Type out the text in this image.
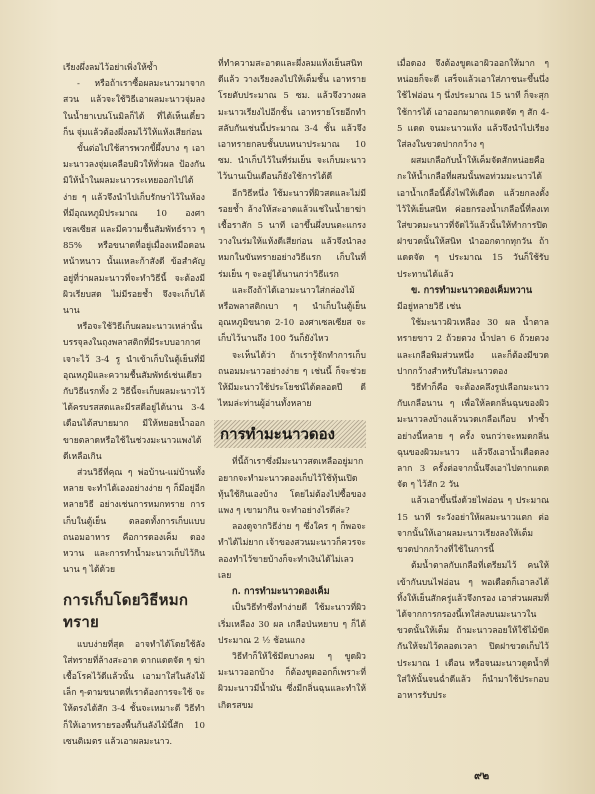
เรียงผึ่งลมไว้อย่าเพิ่งให้ซ้ำ

- หรือถ้าเราซื้อผลมะนาวมาจากสวน แล้วจะใช้วิธีเอาผลมะนาวจุ่มลงในน้ำยาเบนโนมิลก็ได้ ที่ได้เห็นเดี๋ยวก็น จุ่มแล้วต้องผึ่งลมไว้ให้แห้งเสียก่อน

ขั้นต่อไปใช้สารพวกขี้ผึ้งบาง ๆ เอามะนาวลงจุ่มเคลือบผิวให้ทั่วผล ป้องกันมิให้น้ำในผลมะนาวระเหยออกไปได้ง่าย ๆ แล้วจึงนำไปเก็บรักษาไว้ในห้องที่มีอุณหภูมิประมาณ 10 องศาเซลเซียส และมีความชื้นสัมพัทธ์ราว ๆ 85% หรือขนาดที่อยู่เมื่องเหมือดอนหน้าหนาว นั้นแหละก้าสังดี ข้อสำคัญอยู่ที่ว่าผลมะนาวที่จะทำวิธีนี้ จะต้องมีผิวเรียบสด ไม่มีรอยช้ำ จึงจะเก็บได้นาน

หรือจะใช้วิธีเก็บผลมะนาวเหล่านั้นบรรจุลงในถุงพลาสติกที่มีระบบอากาศเจาะไว้ 3-4 รู นำเข้าเก็บในตู้เย็นที่มีอุณหภูมิและความชื้นสัมพัทธ์เช่นเดียวกับวิธีแรกทั้ง 2 วิธีนี้จะเก็บผลมะนาวไว้ได้ครบรสสดและมีรสดีอยู่ได้นาน 3-4 เดือนได้สบายมาก มีให้หยอยน้ำออกขายตลาดหรือใช้ในช่วงมะนาวแพงได้ดีเหลือเกิน

ส่วนวิธีที่คุณ ๆ พ่อบ้าน-แม่บ้านทั้งหลาย จะทำได้เองอย่างง่าย ๆ ก็มีอยู่อีกหลายวิธี อย่างเช่นการหมกทราย การเก็บในตู้เย็น ตลอดทั้งการเก็บแบบถนอมอาหาร คือการดองเค็ม ดองหวาน และการทำน้ำมะนาวเก็บไว้กินนาน ๆ ได้ด้วย

การเก็บโดยวิธีหมกทราย

แบบง่ายที่สุด อาจทำได้โดยใช้ลังใส่ทรายที่ล้างสะอาด ตากแดดจัด ๆ ฆ่าเชื้อโรคไว้ดีแล้วนั้น เอามาใส่ในลังไม้เล็ก ๆ-ตามขนาดที่เราต้องการจะใช้ จะให้ตรงได้สัก 3-4 ชั้นจะเหมาะดี วิธีทำก็ให้เอาทรายรองพื้นก้นลังไม้นี้สัก 10 เซนติเมตร แล้วเอาผลมะนาว.

ที่ทำความสะอาดและผึ่งลมแห้งเย็นสนิทดีแล้ว วางเรียงลงไปให้เต็มชั้น เอาทรายโรยตับประมาณ 5 ซม. แล้วจึงวางผลมะนาวเรียงไปอีกชั้น เอาทรายโรยอีกทำสลับกันเช่นนี้ประมาณ 3-4 ชั้น แล้วจึงเอาทรายกลบชั้นบนหนาประมาณ 10 ซม. นำเก็บไว้ในที่ร่มเย็น จะเก็บมะนาวไว้นานเป็นเดือนก็ยังใช้การได้ดี

อีกวิธีหนึ่ง ใช้มะนาวที่ผิวสดและไม่มีรอยช้ำ ล้างให้สะอาดแล้วแช่ในน้ำยาฆ่าเชื้อราสัก 5 นาที เอาขึ้นผึ่งบนตะแกรง วางในร่มให้แห้งดีเสียก่อน แล้วจึงนำลงหมกในขันทรายอย่างวิธีแรก เก็บในที่ร่มเย็น ๆ จะอยู่ได้นานกว่าวิธีแรก

และถึงถ้าได้เอามะนาวใส่กล่องไม้หรือพลาสติกเบา ๆ นำเก็บในตู้เย็น อุณหภูมิขนาด 2-10 องศาเซลเซียส จะเก็บไว้นานถึง 100 วันก็ยังไหว

จะเห็นได้ว่า ถ้าเรารู้จักทำการเก็บถนอมมะนาวอย่างง่าย ๆ เช่นนี้ ก็จะช่วยให้มีมะนาวใช้ประโยชน์ได้ตลอดปี ดีไหมล่ะท่านผู้อ่านทั้งหลาย

การทำมะนาวดอง

ที่นี้ถ้าเราซึ่งมีมะนาวสดเหลืออยู่มาก อยากจะทำมะนาวดองเก็บไว้ใช้ทุ้นเปิดทุ้นใช้กินเองบ้าง โดยไม่ต้องไปซื้อของแพง ๆ เขามากิน จะทำอย่างไรดีล่ะ?

ลองดูจากวิธีง่าย ๆ ซึ่งใคร ๆ ก็พอจะทำได้ไม่ยาก เจ้าของสวนมะนาวก็ควรจะลองทำไว้ขายบ้างก็จะทำเงินได้ไม่เลวเลย

ก. การทำมะนาวดองเค็ม

เป็นวิธีทำซึ่งทำง่ายดี ใช้มะนาวที่ผิวเริ่มเหลือง 30 ผล เกลือป่นหยาบ ๆ ก็ได้ประมาณ 2 ½ ช้อนแกง

วิธีทำก็ให้ใช้มีดบางคม ๆ ขูดผิวมะนาวออกบ้าง ก็ต้องขูดออกก็เพราะที่ผิวมะนาวมีน้ำมัน ซึ่งมีกลิ่นฉุนและทำให้เกิดรสขม

เมื่อดอง จึงต้องขูดเอาผิวออกให้มาก ๆ หน่อยก็จะดี เสร็จแล้วเอาใส่ภาชนะขึ้นนึ่ง ใช้ไฟอ่อน ๆ นึ่งประมาณ 15 นาที ก็จะสุกใช้การได้ เอาออกมาตากแดดจัด ๆ สัก 4-5 แดด จนมะนาวแห้ง แล้วจึงนำไปเรียงใส่ลงในขวดปากกว้าง ๆ

ผสมเกลือกับน้ำให้เค็มจัดสักหน่อยคือกะให้น้ำเกลือที่ผสมนั้นพอท่วมมะนาวได้ เอาน้ำเกลือนี้ตั้งไฟให้เดือด แล้วยกลงตั้งไว้ให้เย็นสนิท ค่อยกรองน้ำเกลือนี้ที่ลงเทใส่ขวดมะนาวที่จัดไว้แล้วนั้นให้ทำการปิดฝาขวดนั้นให้สนิท นำออกตากทุกวัน ถ้าแดดจัด ๆ ประมาณ 15 วันก็ใช้รับประทานได้แล้ว

ข. การทำมะนาวดองเค็มหวาน

มีอยู่หลายวิธี เช่น

ใช้มะนาวผิวเหลือง 30 ผล น้ำตาลทรายขาว 2 ถ้วยตวง น้ำปลา 6 ถ้วยตวง และเกลือพิมส่วนหนึ่ง และก็ต้องมีขวดปากกว้างสำหรับใส่มะนาวดอง

วิธีทำก็คือ จะต้องคลึงรูปเลือกมะนาวกับเกลือนาน ๆ เพื่อให้ลดกลิ่นฉุนของผิวมะนาวลงบ้างแล้วนวดเกลือเกือบ ทำซ้ำอย่างนี้หลาย ๆ ครั้ง จนกว่าจะหมดกลิ่นฉุนของผิวมะนาว แล้วจึงเอาน้ำเดือดลงลาก 3 ครั้งต่อจากนั้นจึงเอาไปตากแดดจัด ๆ ไว้สัก 2 วัน

แล้วเอาขึ้นนึ่งด้วยไฟอ่อน ๆ ประมาณ 15 นาที ระวังอย่าให้ผลมะนาวแตก ต่อจากนั้นให้เอาผลมะนาวเรียงลงให้เต็มขวดปากกว้างที่ใช้ในการนี้

ต้มน้ำตาลกับเกลือที่เตรียมไว้ คนให้เข้ากันบนไฟอ่อน ๆ พอเดือดก็เอาลงได้ ทิ้งให้เย็นสักครู่แล้วจึงกรอง เอาส่วนผสมที่ได้จากการกรองนี้เทใส่ลงบนมะนาวในขวดนั้นให้เต็ม ถ้ามะนาวลอยให้ใช้ไม้ขัดกันให้จมไว้ตลอดเวลา ปิดฝาขวดเก็บไว้ประมาณ 1 เดือน หรือจนมะนาวดูดน้ำที่ใส่ให้นั้นจนฉ่ำดีแล้ว ก็นำมาใช้ประกอบอาหารรับประ

๙๒
